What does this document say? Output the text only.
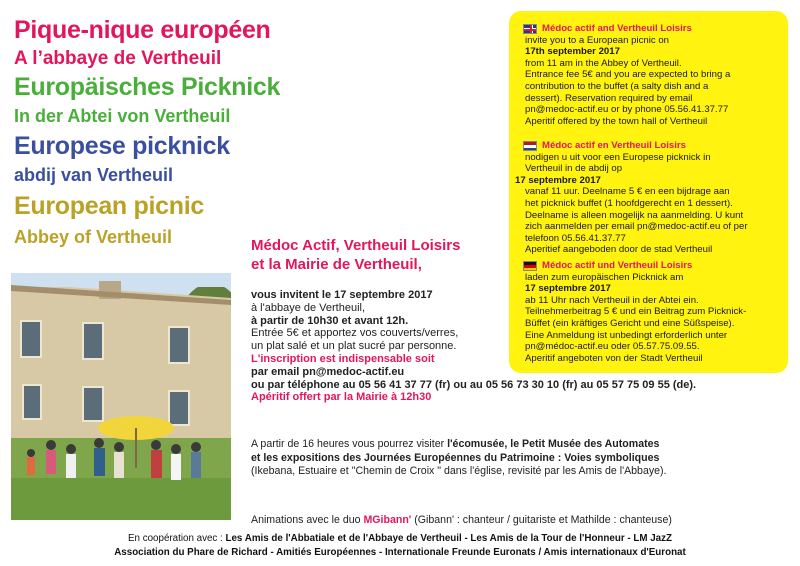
Pique-nique européen
A l’abbaye de Vertheuil
Europäisches Picknick
In der Abtei von Vertheuil
Europese picknick
abdij van Vertheuil
European picnic
Abbey of Vertheuil
Médoc actif and Vertheuil Loisirs
invite you to a European picnic on
17th september 2017
from 11 am in the Abbey of Vertheuil.
Entrance fee 5€ and you are expected to bring a
contribution to the buffet (a salty dish and a
dessert). Reservation required by email
pn@medoc-actif.eu or by phone 05.56.41.37.77
Aperitif offered by the town hall of Vertheuil
Médoc actif en Vertheuil Loisirs
nodigen u uit voor een Europese picknick in
Vertheuil in de abdij op
17 septembre 2017
vanaf 11 uur. Deelname 5 € en een bijdrage aan
het picknick buffet (1 hoofdgerecht en 1 dessert).
Deelname is alleen mogelijk na aanmelding. U kunt
zich aanmelden per email pn@medoc-actif.eu of per
telefoon 05.56.41.37.77
Aperitief aangeboden door de stad Vertheuil
Médoc actif und Vertheuil Loisirs
laden zum europäischen Picknick am
17 septembre 2017
ab 11 Uhr nach Vertheuil in der Abtei ein.
Teilnehmerbeitrag 5 € und ein Beitrag zum Picknick-
Büffet (ein kräftiges Gericht und eine Süßspeise).
Eine Anmeldung ist unbedingt erforderlich unter
pn@médoc-actif.eu oder 05.57.75.09.55.
Aperitif angeboten von der Stadt Vertheuil
Médoc Actif, Vertheuil Loisirs
et la Mairie de Vertheuil,
vous invitent le 17 septembre 2017
à l'abbaye de Vertheuil,
à partir de 10h30 et avant 12h.
Entrée 5€ et apportez vos couverts/verres,
un plat salé et un plat sucré par personne.
L'inscription est indispensable soit
par email pn@medoc-actif.eu
ou par téléphone au 05 56 41 37 77 (fr) ou au 05 56 73 30 10 (fr) au 05 57 75 09 55 (de).
Apéritif offert par la Mairie à 12h30
A partir de 16 heures vous pourrez visiter l'écomusée, le Petit Musée des Automates
et les expositions des Journées Européennes du Patrimoine : Voies symboliques
(Ikebana, Estuaire et "Chemin de Croix " dans l'église, revisité par les Amis de l'Abbaye).
Animations avec le duo MGibann' (Gibann' : chanteur / guitariste et Mathilde : chanteuse)
En coopération avec : Les Amis de l'Abbatiale et de l'Abbaye de Vertheuil - Les Amis de la Tour de l'Honneur - LM JazZ
Association du Phare de Richard - Amitiés Européennes - Internationale Freunde Euronats / Amis internationaux d'Euronat
